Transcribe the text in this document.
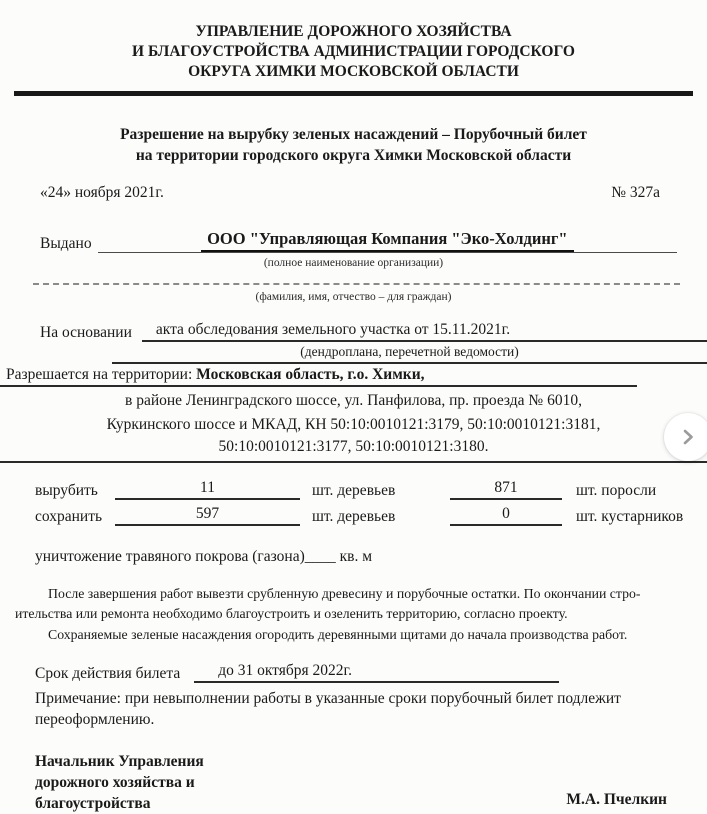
УПРАВЛЕНИЕ ДОРОЖНОГО ХОЗЯЙСТВА
И БЛАГОУСТРОЙСТВА АДМИНИСТРАЦИИ ГОРОДСКОГО
ОКРУГА ХИМКИ МОСКОВСКОЙ ОБЛАСТИ
Разрешение на вырубку зеленых насаждений – Порубочный билет
на территории городского округа Химки Московской области
«24» ноября 2021г.	№ 327а
Выдано	ООО "Управляющая Компания "Эко-Холдинг"
(полное наименование организации)
(фамилия, имя, отчество – для граждан)
На основании	акта обследования земельного участка от 15.11.2021г.
(дендроплана, перечетной ведомости)
Разрешается на территории: Московская область, г.о. Химки,
в районе Ленинградского шоссе, ул. Панфилова, пр. проезда № 6010,
Куркинского шоссе и МКАД, КН 50:10:0010121:3179, 50:10:0010121:3181,
50:10:0010121:3177, 50:10:0010121:3180.
вырубить	11	шт. деревьев	871	шт. поросли
сохранить	597	шт. деревьев	0	шт. кустарников
уничтожение травяного покрова (газона)____ кв. м
После завершения работ вывезти срубленную древесину и порубочные остатки. По окончании стро-
ительства или ремонта необходимо благоустроить и озеленить территорию, согласно проекту.
Сохраняемые зеленые насаждения огородить деревянными щитами до начала производства работ.
Срок действия билета	до 31 октября 2022г.
Примечание: при невыполнении работы в указанные сроки порубочный билет подлежит
переоформлению.
Начальник Управления
дорожного хозяйства и
благоустройства	М.А. Пчелкин
